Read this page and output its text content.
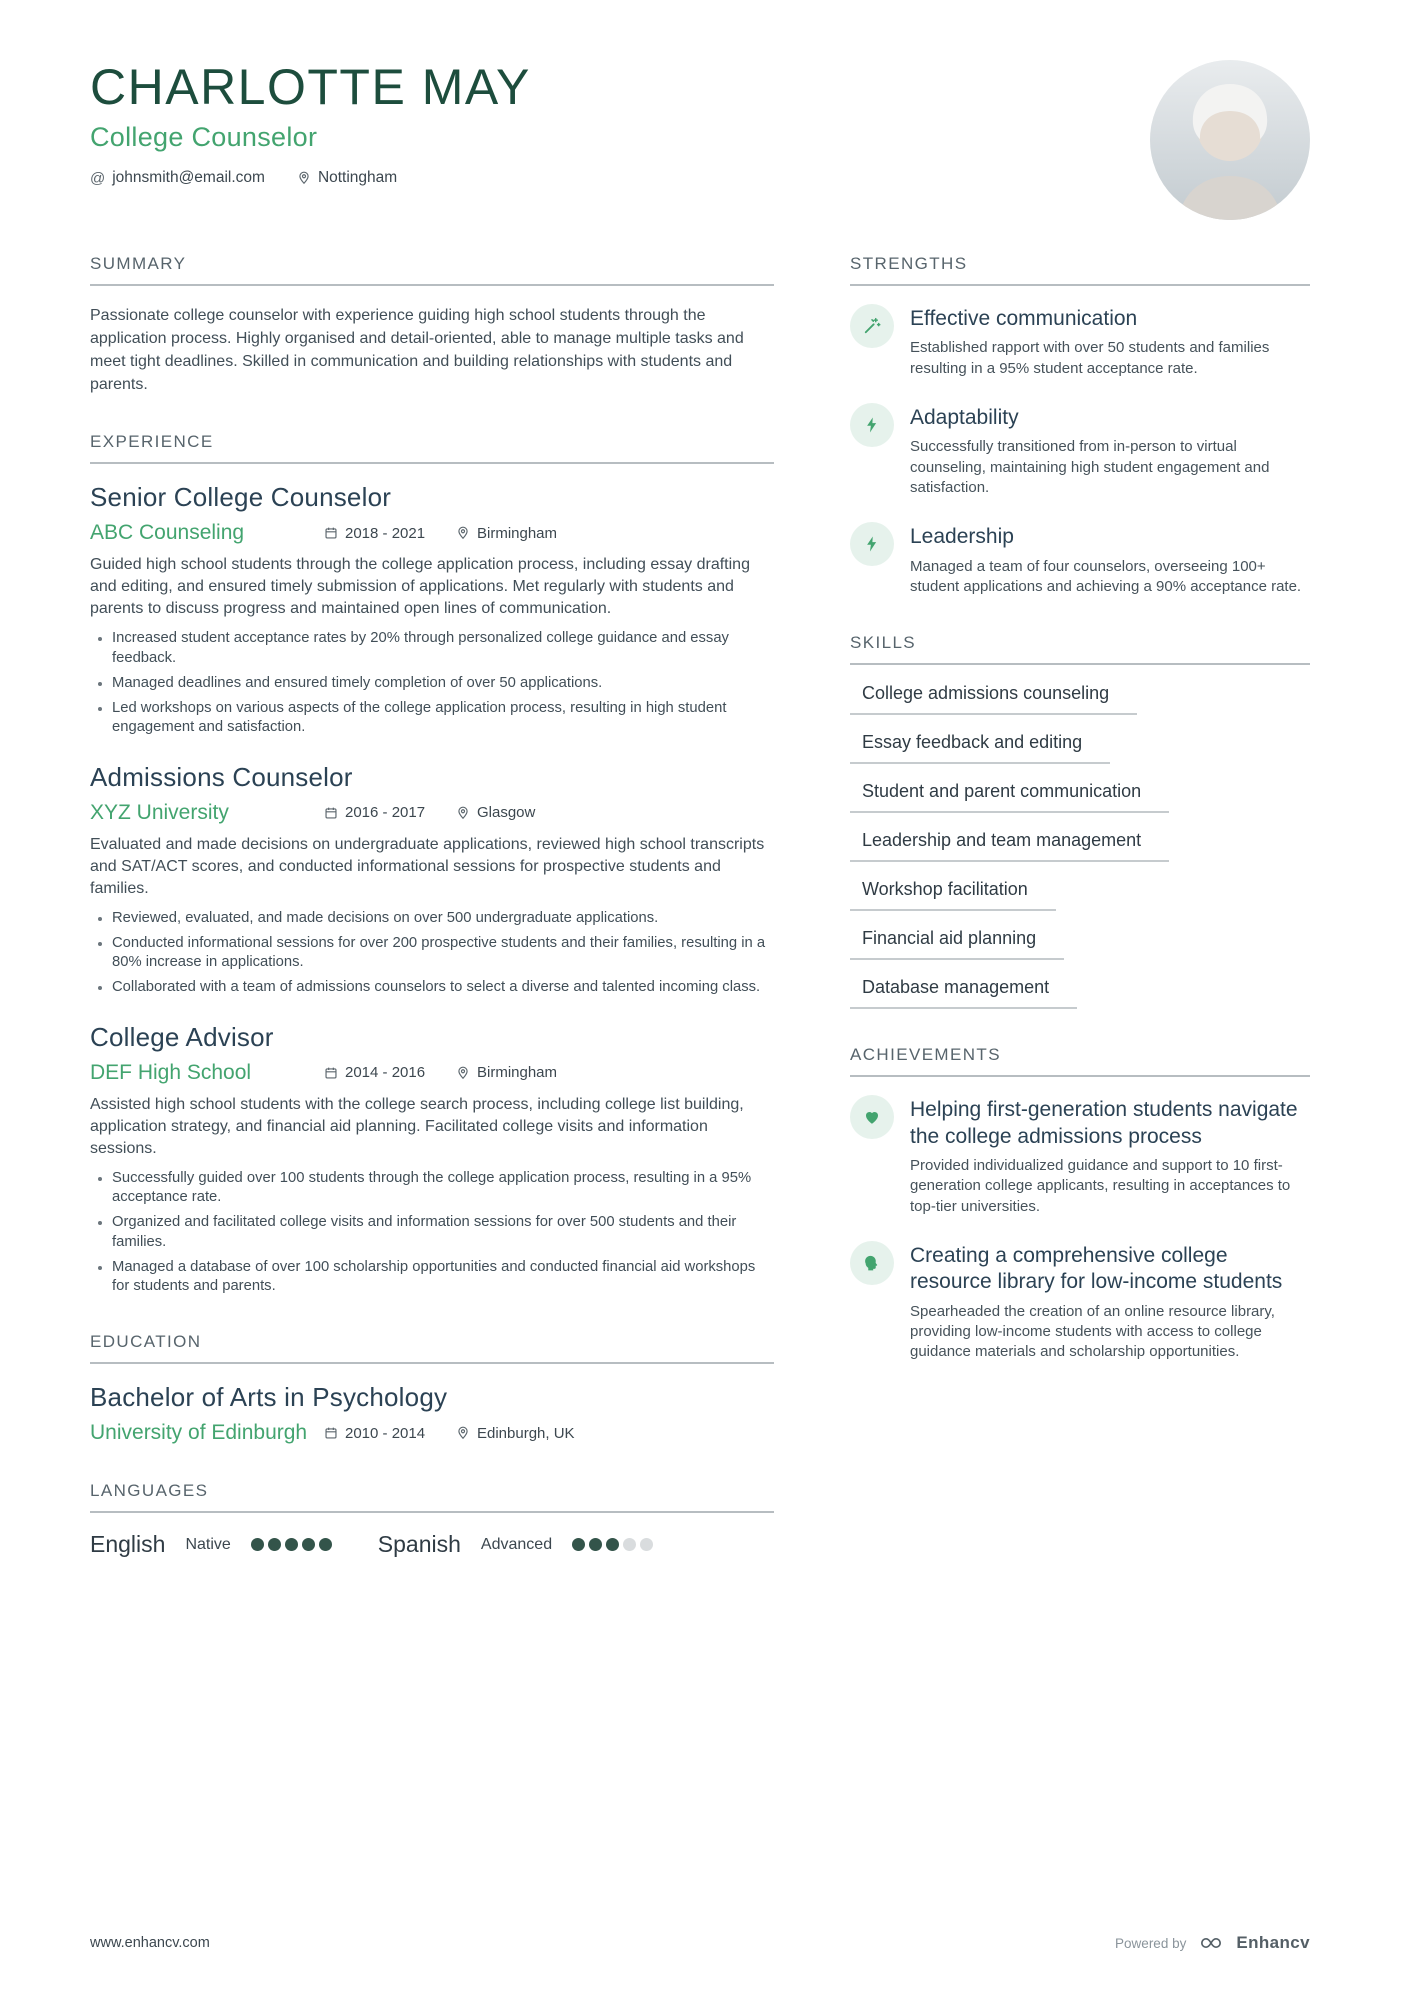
CHARLOTTE MAY
College Counselor
@ johnsmith@email.com	Nottingham
SUMMARY

Passionate college counselor with experience guiding high school students through the application process. Highly organised and detail-oriented, able to manage multiple tasks and meet tight deadlines. Skilled in communication and building relationships with students and parents.

EXPERIENCE
Senior College Counselor
ABC Counseling	2018 - 2021	Birmingham

Guided high school students through the college application process, including essay drafting and editing, and ensured timely submission of applications. Met regularly with students and parents to discuss progress and maintained open lines of communication.

Increased student acceptance rates by 20% through personalized college guidance and essay feedback.
Managed deadlines and ensured timely completion of over 50 applications.
Led workshops on various aspects of the college application process, resulting in high student engagement and satisfaction.
Admissions Counselor
XYZ University	2016 - 2017	Glasgow

Evaluated and made decisions on undergraduate applications, reviewed high school transcripts and SAT/ACT scores, and conducted informational sessions for prospective students and families.

Reviewed, evaluated, and made decisions on over 500 undergraduate applications.
Conducted informational sessions for over 200 prospective students and their families, resulting in a 80% increase in applications.
Collaborated with a team of admissions counselors to select a diverse and talented incoming class.
College Advisor
DEF High School	2014 - 2016	Birmingham

Assisted high school students with the college search process, including college list building, application strategy, and financial aid planning. Facilitated college visits and information sessions.

Successfully guided over 100 students through the college application process, resulting in a 95% acceptance rate.
Organized and facilitated college visits and information sessions for over 500 students and their families.
Managed a database of over 100 scholarship opportunities and conducted financial aid workshops for students and parents.
EDUCATION
Bachelor of Arts in Psychology
University of Edinburgh	2010 - 2014	Edinburgh, UK
LANGUAGES
English Native	Spanish Advanced
STRENGTHS
Effective communication

Established rapport with over 50 students and families resulting in a 95% student acceptance rate.

Adaptability

Successfully transitioned from in-person to virtual counseling, maintaining high student engagement and satisfaction.

Leadership

Managed a team of four counselors, overseeing 100+ student applications and achieving a 90% acceptance rate.

SKILLS
College admissions counseling
Essay feedback and editing
Student and parent communication
Leadership and team management
Workshop facilitation
Financial aid planning
Database management
ACHIEVEMENTS
Helping first-generation students navigate the college admissions process

Provided individualized guidance and support to 10 first-generation college applicants, resulting in acceptances to top-tier universities.

Creating a comprehensive college resource library for low-income students

Spearheaded the creation of an online resource library, providing low-income students with access to college guidance materials and scholarship opportunities.

www.enhancv.com	Powered by	Enhancv
